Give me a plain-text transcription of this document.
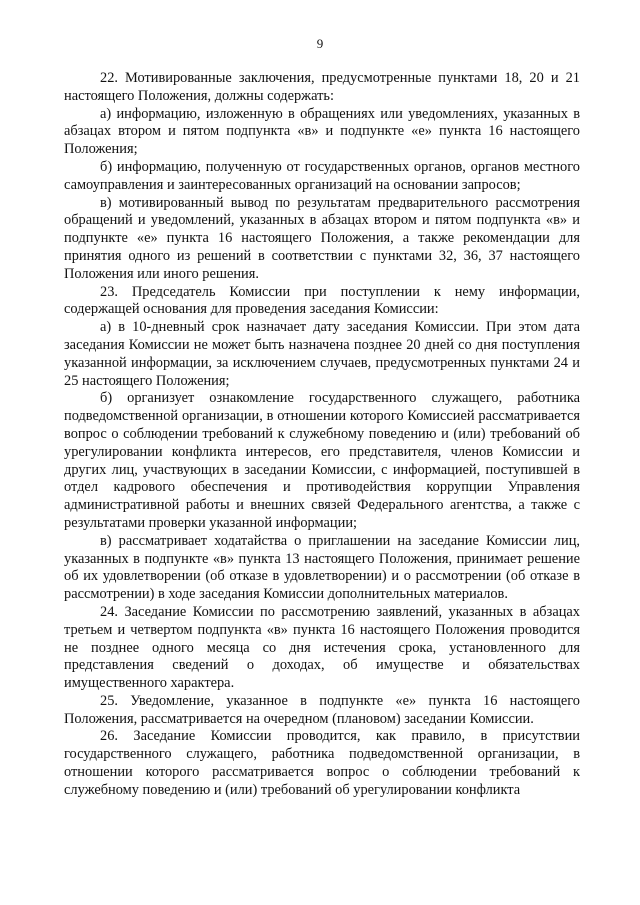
9

22. Мотивированные заключения, предусмотренные пунктами 18, 20 и 21 настоящего Положения, должны содержать:

а) информацию, изложенную в обращениях или уведомлениях, указанных в абзацах втором и пятом подпункта «в» и подпункте «е» пункта 16 настоящего Положения;

б) информацию, полученную от государственных органов, органов местного самоуправления и заинтересованных организаций на основании запросов;

в) мотивированный вывод по результатам предварительного рассмотрения обращений и уведомлений, указанных в абзацах втором и пятом подпункта «в» и подпункте «е» пункта 16 настоящего Положения, а также рекомендации для принятия одного из решений в соответствии с пунктами 32, 36, 37 настоящего Положения или иного решения.

23. Председатель Комиссии при поступлении к нему информации, содержащей основания для проведения заседания Комиссии:

а) в 10-дневный срок назначает дату заседания Комиссии. При этом дата заседания Комиссии не может быть назначена позднее 20 дней со дня поступления указанной информации, за исключением случаев, предусмотренных пунктами 24 и 25 настоящего Положения;

б) организует ознакомление государственного служащего, работника подведомственной организации, в отношении которого Комиссией рассматривается вопрос о соблюдении требований к служебному поведению и (или) требований об урегулировании конфликта интересов, его представителя, членов Комиссии и других лиц, участвующих в заседании Комиссии, с информацией, поступившей в отдел кадрового обеспечения и противодействия коррупции Управления административной работы и внешних связей Федерального агентства, а также с результатами проверки указанной информации;

в) рассматривает ходатайства о приглашении на заседание Комиссии лиц, указанных в подпункте «в» пункта 13 настоящего Положения, принимает решение об их удовлетворении (об отказе в удовлетворении) и о рассмотрении (об отказе в рассмотрении) в ходе заседания Комиссии дополнительных материалов.

24. Заседание Комиссии по рассмотрению заявлений, указанных в абзацах третьем и четвертом подпункта «в» пункта 16 настоящего Положения проводится не позднее одного месяца со дня истечения срока, установленного для представления сведений о доходах, об имуществе и обязательствах имущественного характера.

25. Уведомление, указанное в подпункте «е» пункта 16 настоящего Положения, рассматривается на очередном (плановом) заседании Комиссии.

26. Заседание Комиссии проводится, как правило, в присутствии государственного служащего, работника подведомственной организации, в отношении которого рассматривается вопрос о соблюдении требований к служебному поведению и (или) требований об урегулировании конфликта
